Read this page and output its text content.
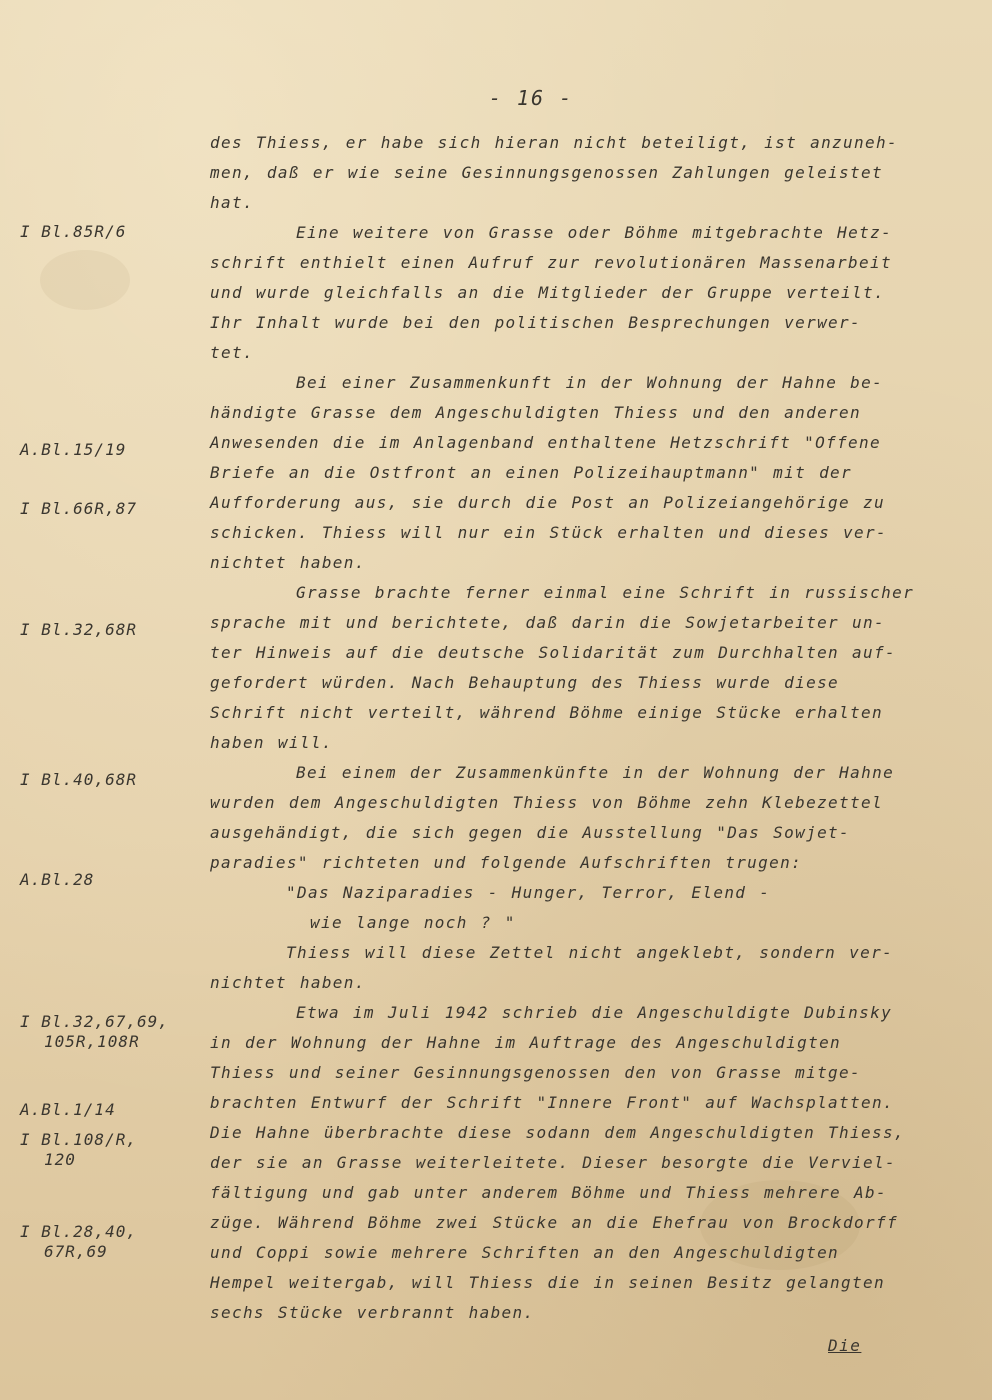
- 16 -
I Bl.85R/6
A.Bl.15/19
I Bl.66R,87
I Bl.32,68R
I Bl.40,68R
A.Bl.28
I Bl.32,67,69,
105R,108R
A.Bl.1/14
I Bl.108/R,
120
I Bl.28,40,
67R,69
des Thiess, er habe sich hieran nicht beteiligt, ist anzuneh-
men, daß er wie seine Gesinnungsgenossen Zahlungen geleistet
hat.
Eine weitere von Grasse oder Böhme mitgebrachte Hetz-
schrift enthielt einen Aufruf zur revolutionären Massenarbeit
und wurde gleichfalls an die Mitglieder der Gruppe verteilt.
Ihr Inhalt wurde bei den politischen Besprechungen verwer-
tet.
Bei einer Zusammenkunft in der Wohnung der Hahne be-
händigte Grasse dem Angeschuldigten Thiess und den anderen
Anwesenden die im Anlagenband enthaltene Hetzschrift "Offene
Briefe an die Ostfront an einen Polizeihauptmann" mit der
Aufforderung aus, sie durch die Post an Polizeiangehörige zu
schicken. Thiess will nur ein Stück erhalten und dieses ver-
nichtet haben.
Grasse brachte ferner einmal eine Schrift in russischer
sprache mit und berichtete, daß darin die Sowjetarbeiter un-
ter Hinweis auf die deutsche Solidarität zum Durchhalten auf-
gefordert würden. Nach Behauptung des Thiess wurde diese
Schrift nicht verteilt, während Böhme einige Stücke erhalten
haben will.
Bei einem der Zusammenkünfte in der Wohnung der Hahne
wurden dem Angeschuldigten Thiess von Böhme zehn Klebezettel
ausgehändigt, die sich gegen die Ausstellung "Das Sowjet-
paradies" richteten und folgende Aufschriften trugen:
"Das Naziparadies - Hunger, Terror, Elend -
wie lange noch ? "
Thiess will diese Zettel nicht angeklebt, sondern ver-
nichtet haben.
Etwa im Juli 1942 schrieb die Angeschuldigte Dubinsky
in der Wohnung der Hahne im Auftrage des Angeschuldigten
Thiess und seiner Gesinnungsgenossen den von Grasse mitge-
brachten Entwurf der Schrift "Innere Front" auf Wachsplatten.
Die Hahne überbrachte diese sodann dem Angeschuldigten Thiess,
der sie an Grasse weiterleitete. Dieser besorgte die Verviel-
fältigung und gab unter anderem Böhme und Thiess mehrere Ab-
züge. Während Böhme zwei Stücke an die Ehefrau von Brockdorff
und Coppi sowie mehrere Schriften an den Angeschuldigten
Hempel weitergab, will Thiess die in seinen Besitz gelangten
sechs Stücke verbrannt haben.
Die
